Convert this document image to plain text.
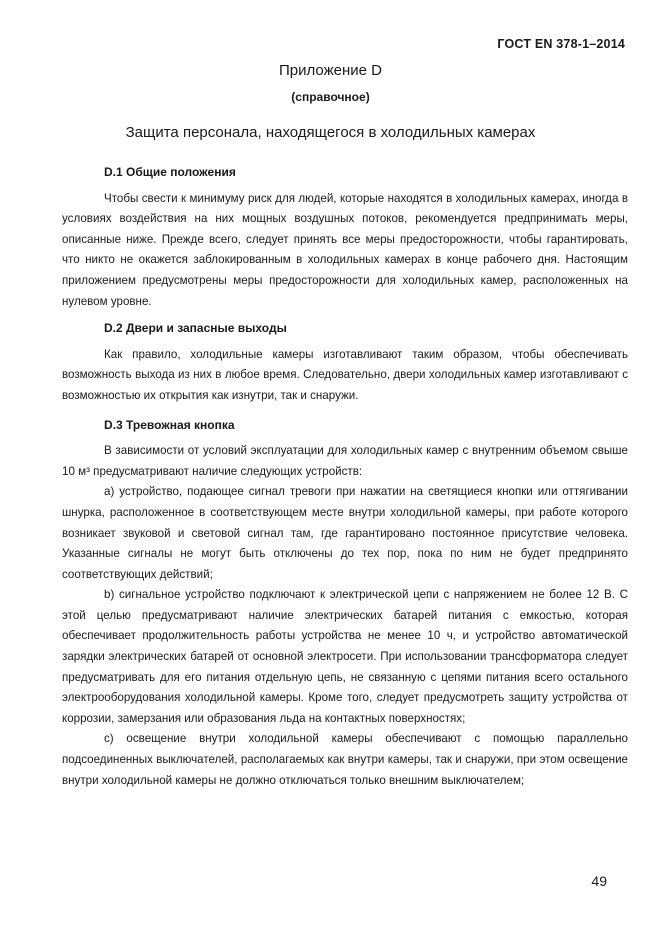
ГОСТ EN 378-1–2014
Приложение D
(справочное)
Защита персонала, находящегося в холодильных камерах
D.1 Общие положения

Чтобы свести к минимуму риск для людей, которые находятся в холодильных камерах, иногда в условиях воздействия на них мощных воздушных потоков, рекомендуется предпринимать меры, описанные ниже. Прежде всего, следует принять все меры предосторожности, чтобы гарантировать, что никто не окажется заблокированным в холодильных камерах в конце рабочего дня. Настоящим приложением предусмотрены меры предосторожности для холодильных камер, расположенных на нулевом уровне.

D.2 Двери и запасные выходы

Как правило, холодильные камеры изготавливают таким образом, чтобы обеспечивать возможность выхода из них в любое время. Следовательно, двери холодильных камер изготавливают с возможностью их открытия как изнутри, так и снаружи.

D.3 Тревожная кнопка

В зависимости от условий эксплуатации для холодильных камер с внутренним объемом свыше 10 м³ предусматривают наличие следующих устройств:

а) устройство, подающее сигнал тревоги при нажатии на светящиеся кнопки или оттягивании шнурка, расположенное в соответствующем месте внутри холодильной камеры, при работе которого возникает звуковой и световой сигнал там, где гарантировано постоянное присутствие человека. Указанные сигналы не могут быть отключены до тех пор, пока по ним не будет предпринято соответствующих действий;

b) сигнальное устройство подключают к электрической цепи с напряжением не более 12 В. С этой целью предусматривают наличие электрических батарей питания с емкостью, которая обеспечивает продолжительность работы устройства не менее 10 ч, и устройство автоматической зарядки электрических батарей от основной электросети. При использовании трансформатора следует предусматривать для его питания отдельную цепь, не связанную с цепями питания всего остального электрооборудования холодильной камеры. Кроме того, следует предусмотреть защиту устройства от коррозии, замерзания или образования льда на контактных поверхностях;

с) освещение внутри холодильной камеры обеспечивают с помощью параллельно подсоединенных выключателей, располагаемых как внутри камеры, так и снаружи, при этом освещение внутри холодильной камеры не должно отключаться только внешним выключателем;

49
